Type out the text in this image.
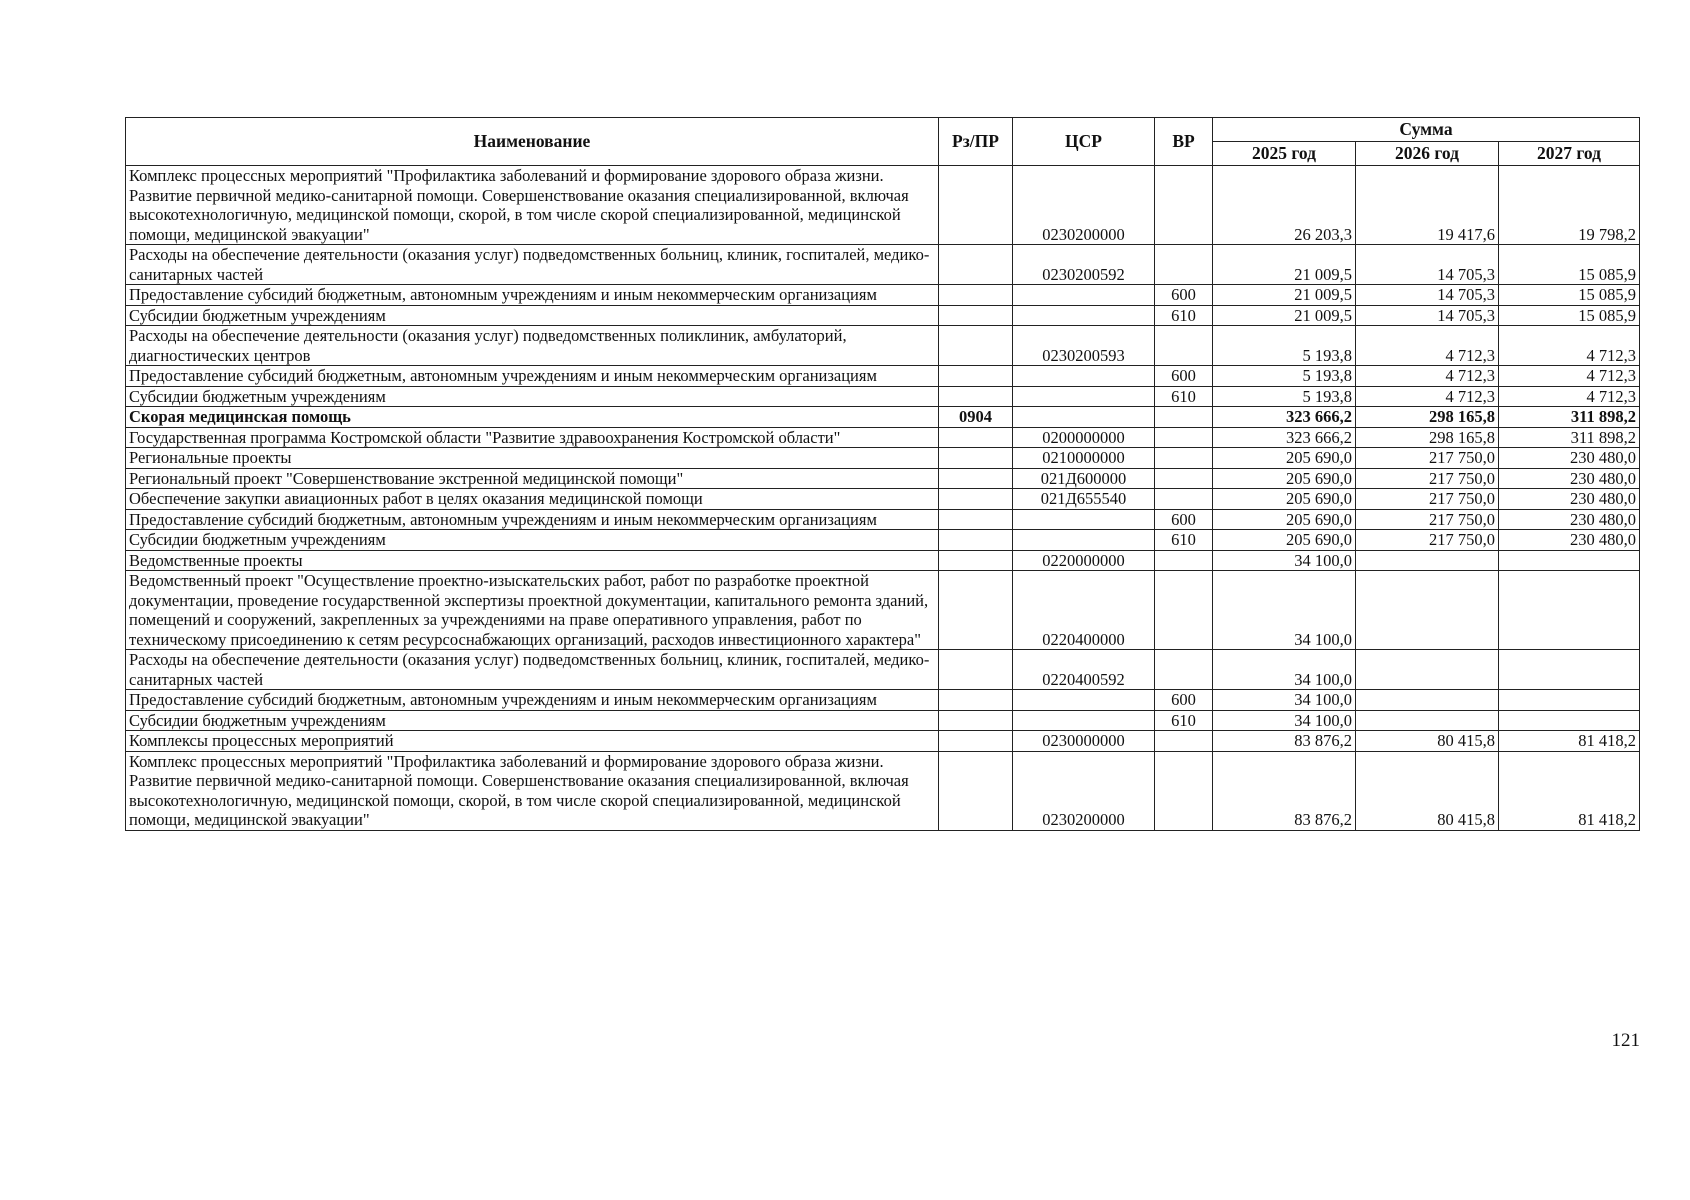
Наименование	Рз/ПР	ЦСР	ВР	Сумма		
				2025 год	2026 год	2027 год
Комплекс процессных мероприятий "Профилактика заболеваний и формирование здорового образа жизни. Развитие первичной медико-санитарной помощи. Совершенствование оказания специализированной, включая высокотехнологичную, медицинской помощи, скорой, в том числе скорой специализированной, медицинской помощи, медицинской эвакуации"		0230200000		26 203,3	19 417,6	19 798,2
Расходы на обеспечение деятельности (оказания услуг) подведомственных больниц, клиник, госпиталей, медико-санитарных частей		0230200592		21 009,5	14 705,3	15 085,9
Предоставление субсидий бюджетным, автономным учреждениям и иным некоммерческим организациям			600	21 009,5	14 705,3	15 085,9
Субсидии бюджетным учреждениям			610	21 009,5	14 705,3	15 085,9
Расходы на обеспечение деятельности (оказания услуг) подведомственных поликлиник, амбулаторий, диагностических центров		0230200593		5 193,8	4 712,3	4 712,3
Предоставление субсидий бюджетным, автономным учреждениям и иным некоммерческим организациям			600	5 193,8	4 712,3	4 712,3
Субсидии бюджетным учреждениям			610	5 193,8	4 712,3	4 712,3
Скорая медицинская помощь	0904			323 666,2	298 165,8	311 898,2
Государственная программа Костромской области "Развитие здравоохранения Костромской области"		0200000000		323 666,2	298 165,8	311 898,2
Региональные проекты		0210000000		205 690,0	217 750,0	230 480,0
Региональный проект "Совершенствование экстренной медицинской помощи"		021Д600000		205 690,0	217 750,0	230 480,0
Обеспечение закупки авиационных работ в целях оказания медицинской помощи		021Д655540		205 690,0	217 750,0	230 480,0
Предоставление субсидий бюджетным, автономным учреждениям и иным некоммерческим организациям			600	205 690,0	217 750,0	230 480,0
Субсидии бюджетным учреждениям			610	205 690,0	217 750,0	230 480,0
Ведомственные проекты		0220000000		34 100,0		
Ведомственный проект "Осуществление проектно-изыскательских работ, работ по разработке проектной документации, проведение государственной экспертизы проектной документации, капитального ремонта зданий, помещений и сооружений, закрепленных за учреждениями на праве оперативного управления, работ по техническому присоединению к сетям ресурсоснабжающих организаций, расходов инвестиционного характера"		0220400000		34 100,0		
Расходы на обеспечение деятельности (оказания услуг) подведомственных больниц, клиник, госпиталей, медико-санитарных частей		0220400592		34 100,0		
Предоставление субсидий бюджетным, автономным учреждениям и иным некоммерческим организациям			600	34 100,0		
Субсидии бюджетным учреждениям			610	34 100,0		
Комплексы процессных мероприятий		0230000000		83 876,2	80 415,8	81 418,2
Комплекс процессных мероприятий "Профилактика заболеваний и формирование здорового образа жизни. Развитие первичной медико-санитарной помощи. Совершенствование оказания специализированной, включая высокотехнологичную, медицинской помощи, скорой, в том числе скорой специализированной, медицинской помощи, медицинской эвакуации"		0230200000		83 876,2	80 415,8	81 418,2
121
